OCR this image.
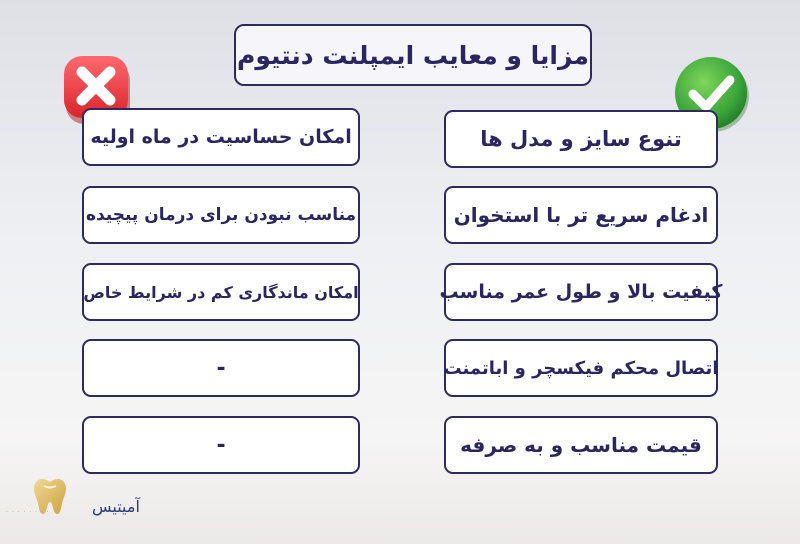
مزایا و معایب ایمپلنت دنتیوم
تنوع سایز و مدل ها
ادغام سریع تر با استخوان
کیفیت بالا و طول عمر مناسب
اتصال محکم فیکسچر و اباتمنت
قیمت مناسب و به صرفه
امکان حساسیت در ماه اولیه
مناسب نبودن برای درمان پیچیده
امکان ماندگاری کم در شرایط خاص
-
-
· · · · · · · ·	آمیتیس
